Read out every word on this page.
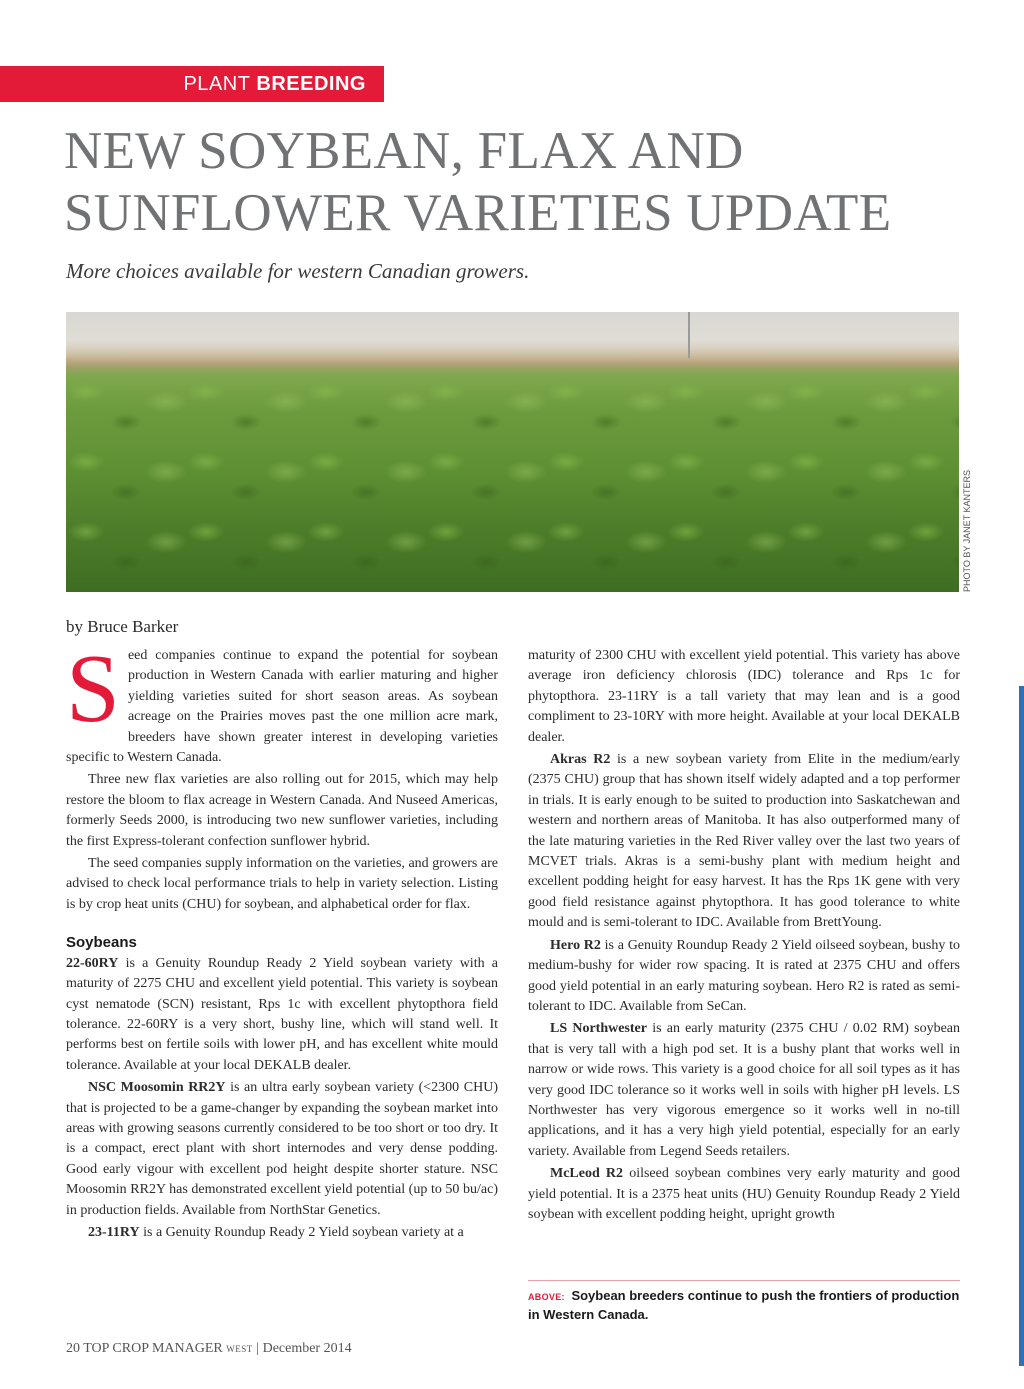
PLANT BREEDING
NEW SOYBEAN, FLAX AND
SUNFLOWER VARIETIES UPDATE
More choices available for western Canadian growers.
PHOTO BY JANET KANTERS
by Bruce Barker

Seed companies continue to expand the potential for soybean production in Western Canada with earlier maturing and higher yielding varieties suited for short season areas. As soybean acreage on the Prairies moves past the one million acre mark, breeders have shown greater interest in developing varieties specific to Western Canada.

Three new flax varieties are also rolling out for 2015, which may help restore the bloom to flax acreage in Western Canada. And Nuseed Americas, formerly Seeds 2000, is introducing two new sunflower varieties, including the first Express-tolerant confection sunflower hybrid.

The seed companies supply information on the varieties, and growers are advised to check local performance trials to help in variety selection. Listing is by crop heat units (CHU) for soybean, and alphabetical order for flax.

Soybeans

22-60RY is a Genuity Roundup Ready 2 Yield soybean variety with a maturity of 2275 CHU and excellent yield potential. This variety is soybean cyst nematode (SCN) resistant, Rps 1c with excellent phytopthora field tolerance. 22-60RY is a very short, bushy line, which will stand well. It performs best on fertile soils with lower pH, and has excellent white mould tolerance. Available at your local DEKALB dealer.

NSC Moosomin RR2Y is an ultra early soybean variety (<2300 CHU) that is projected to be a game-changer by expanding the soybean market into areas with growing seasons currently considered to be too short or too dry. It is a compact, erect plant with short internodes and very dense podding. Good early vigour with excellent pod height despite shorter stature. NSC Moosomin RR2Y has demonstrated excellent yield potential (up to 50 bu/ac) in production fields. Available from NorthStar Genetics.

23-11RY is a Genuity Roundup Ready 2 Yield soybean variety at a

maturity of 2300 CHU with excellent yield potential. This variety has above average iron deficiency chlorosis (IDC) tolerance and Rps 1c for phytopthora. 23-11RY is a tall variety that may lean and is a good compliment to 23-10RY with more height. Available at your local DEKALB dealer.

Akras R2 is a new soybean variety from Elite in the medium/early (2375 CHU) group that has shown itself widely adapted and a top performer in trials. It is early enough to be suited to production into Saskatchewan and western and northern areas of Manitoba. It has also outperformed many of the late maturing varieties in the Red River valley over the last two years of MCVET trials. Akras is a semi-bushy plant with medium height and excellent podding height for easy harvest. It has the Rps 1K gene with very good field resistance against phytopthora. It has good tolerance to white mould and is semi-tolerant to IDC. Available from BrettYoung.

Hero R2 is a Genuity Roundup Ready 2 Yield oilseed soybean, bushy to medium-bushy for wider row spacing. It is rated at 2375 CHU and offers good yield potential in an early maturing soybean. Hero R2 is rated as semi-tolerant to IDC. Available from SeCan.

LS Northwester is an early maturity (2375 CHU / 0.02 RM) soybean that is very tall with a high pod set. It is a bushy plant that works well in narrow or wide rows. This variety is a good choice for all soil types as it has very good IDC tolerance so it works well in soils with higher pH levels. LS Northwester has very vigorous emergence so it works well in no-till applications, and it has a very high yield potential, especially for an early variety. Available from Legend Seeds retailers.

McLeod R2 oilseed soybean combines very early maturity and good yield potential. It is a 2375 heat units (HU) Genuity Roundup Ready 2 Yield soybean with excellent podding height, upright growth

ABOVE: Soybean breeders continue to push the frontiers of production in Western Canada.
20 TOP CROP MANAGER WEST | December 2014
